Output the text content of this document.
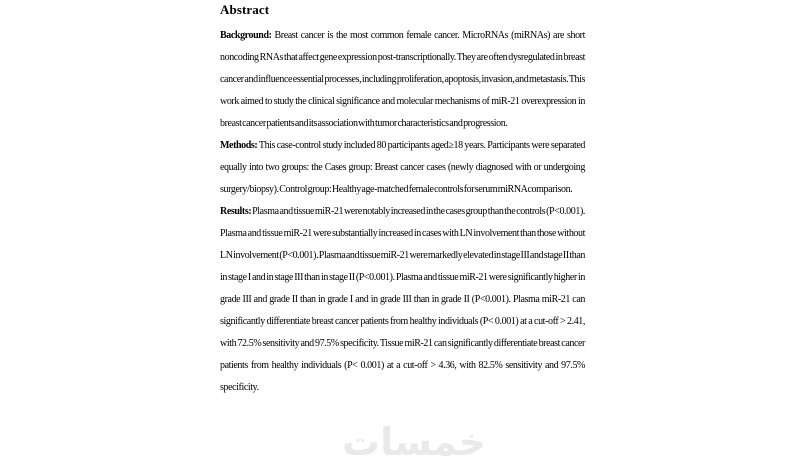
Abstract

Background: Breast cancer is the most common female cancer. MicroRNAs (miRNAs) are short noncoding RNAs that affect gene expression post-transcriptionally. They are often dysregulated in breast cancer and influence essential processes, including proliferation, apoptosis, invasion, and metastasis. This work aimed to study the clinical significance and molecular mechanisms of miR-21 overexpression in breast cancer patients and its association with tumor characteristics and progression.

Methods: This case-control study included 80 participants aged≥18 years. Participants were separated equally into two groups: the Cases group: Breast cancer cases (newly diagnosed with or undergoing surgery/biopsy). Control group: Healthy age-matched female controls for serum miRNA comparison.

Results: Plasma and tissue miR-21 were notably increased in the cases group than the controls (P<0.001). Plasma and tissue miR-21 were substantially increased in cases with LN involvement than those without LN involvement (P<0.001). Plasma and tissue miR-21 were markedly elevated in stage III and stage II than in stage I and in stage III than in stage II (P<0.001). Plasma and tissue miR-21 were significantly higher in grade III and grade II than in grade I and in grade III than in grade II (P<0.001). Plasma miR-21 can significantly differentiate breast cancer patients from healthy individuals (P< 0.001) at a cut-off > 2.41, with 72.5% sensitivity and 97.5% specificity. Tissue miR-21 can significantly differentiate breast cancer patients from healthy individuals (P< 0.001) at a cut-off > 4.36, with 82.5% sensitivity and 97.5% specificity.

خمسات
